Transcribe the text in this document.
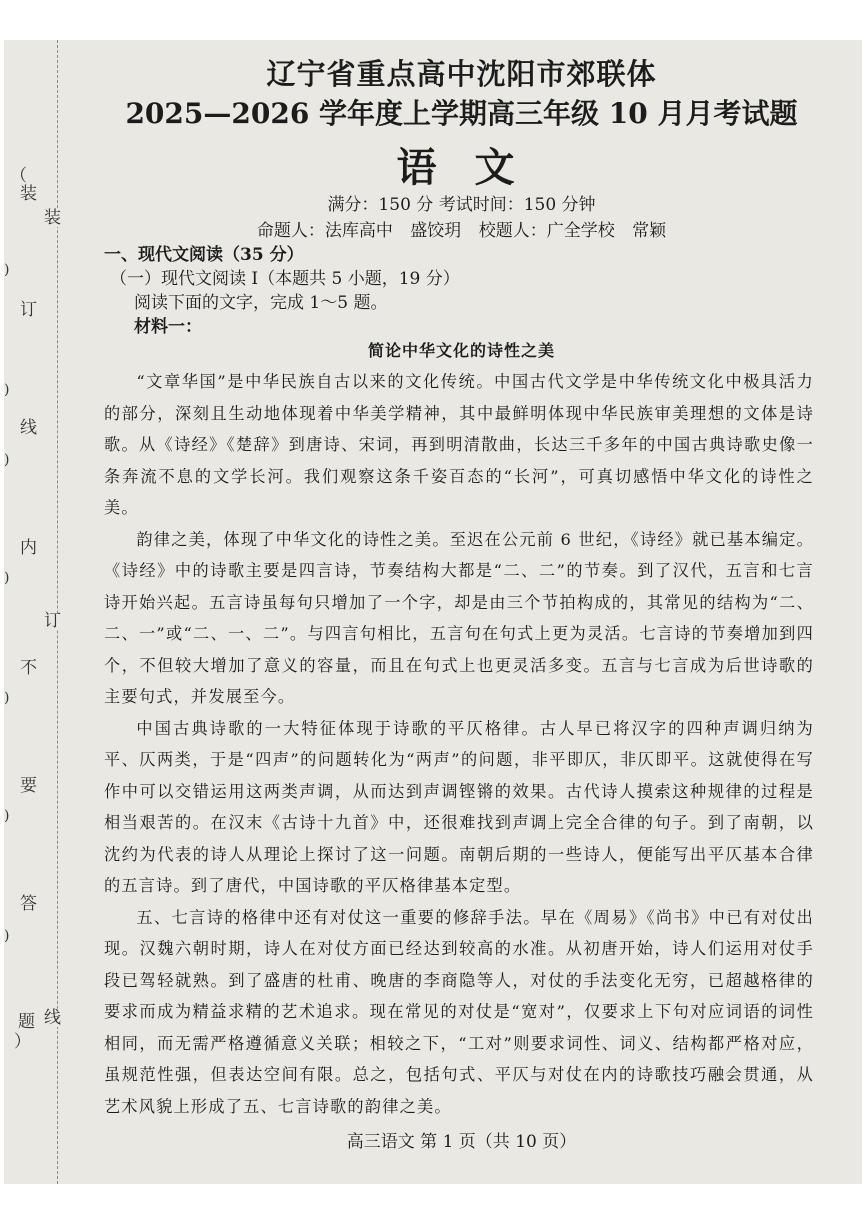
（
装
订
线
内
不
要
答
题
）
装
订
线
)
)
)
)
)
)
)
辽宁省重点高中沈阳市郊联体
2025—2026 学年度上学期高三年级 10 月月考试题
语 文
满分：150 分 考试时间：150 分钟
命题人：法库高中 盛饺玥 校题人：广全学校 常颖
一、现代文阅读（35 分）
（一）现代文阅读 I（本题共 5 小题，19 分）
阅读下面的文字，完成 1～5 题。
材料一：
简论中华文化的诗性之美

“文章华国”是中华民族自古以来的文化传统。中国古代文学是中华传统文化中极具活力的部分，深刻且生动地体现着中华美学精神，其中最鲜明体现中华民族审美理想的文体是诗歌。从《诗经》《楚辞》到唐诗、宋词，再到明清散曲，长达三千多年的中国古典诗歌史像一条奔流不息的文学长河。我们观察这条千姿百态的“长河”，可真切感悟中华文化的诗性之美。

韵律之美，体现了中华文化的诗性之美。至迟在公元前 6 世纪，《诗经》就已基本编定。《诗经》中的诗歌主要是四言诗，节奏结构大都是“二、二”的节奏。到了汉代，五言和七言诗开始兴起。五言诗虽每句只增加了一个字，却是由三个节拍构成的，其常见的结构为“二、二、一”或“二、一、二”。与四言句相比，五言句在句式上更为灵活。七言诗的节奏增加到四个，不但较大增加了意义的容量，而且在句式上也更灵活多变。五言与七言成为后世诗歌的主要句式，并发展至今。

中国古典诗歌的一大特征体现于诗歌的平仄格律。古人早已将汉字的四种声调归纳为平、仄两类，于是“四声”的问题转化为“两声”的问题，非平即仄，非仄即平。这就使得在写作中可以交错运用这两类声调，从而达到声调铿锵的效果。古代诗人摸索这种规律的过程是相当艰苦的。在汉末《古诗十九首》中，还很难找到声调上完全合律的句子。到了南朝，以沈约为代表的诗人从理论上探讨了这一问题。南朝后期的一些诗人，便能写出平仄基本合律的五言诗。到了唐代，中国诗歌的平仄格律基本定型。

五、七言诗的格律中还有对仗这一重要的修辞手法。早在《周易》《尚书》中已有对仗出现。汉魏六朝时期，诗人在对仗方面已经达到较高的水准。从初唐开始，诗人们运用对仗手段已驾轻就熟。到了盛唐的杜甫、晚唐的李商隐等人，对仗的手法变化无穷，已超越格律的要求而成为精益求精的艺术追求。现在常见的对仗是“宽对”，仅要求上下句对应词语的词性相同，而无需严格遵循意义关联；相较之下，“工对”则要求词性、词义、结构都严格对应，虽规范性强，但表达空间有限。总之，包括句式、平仄与对仗在内的诗歌技巧融会贯通，从艺术风貌上形成了五、七言诗歌的韵律之美。

高三语文 第 1 页（共 10 页）
